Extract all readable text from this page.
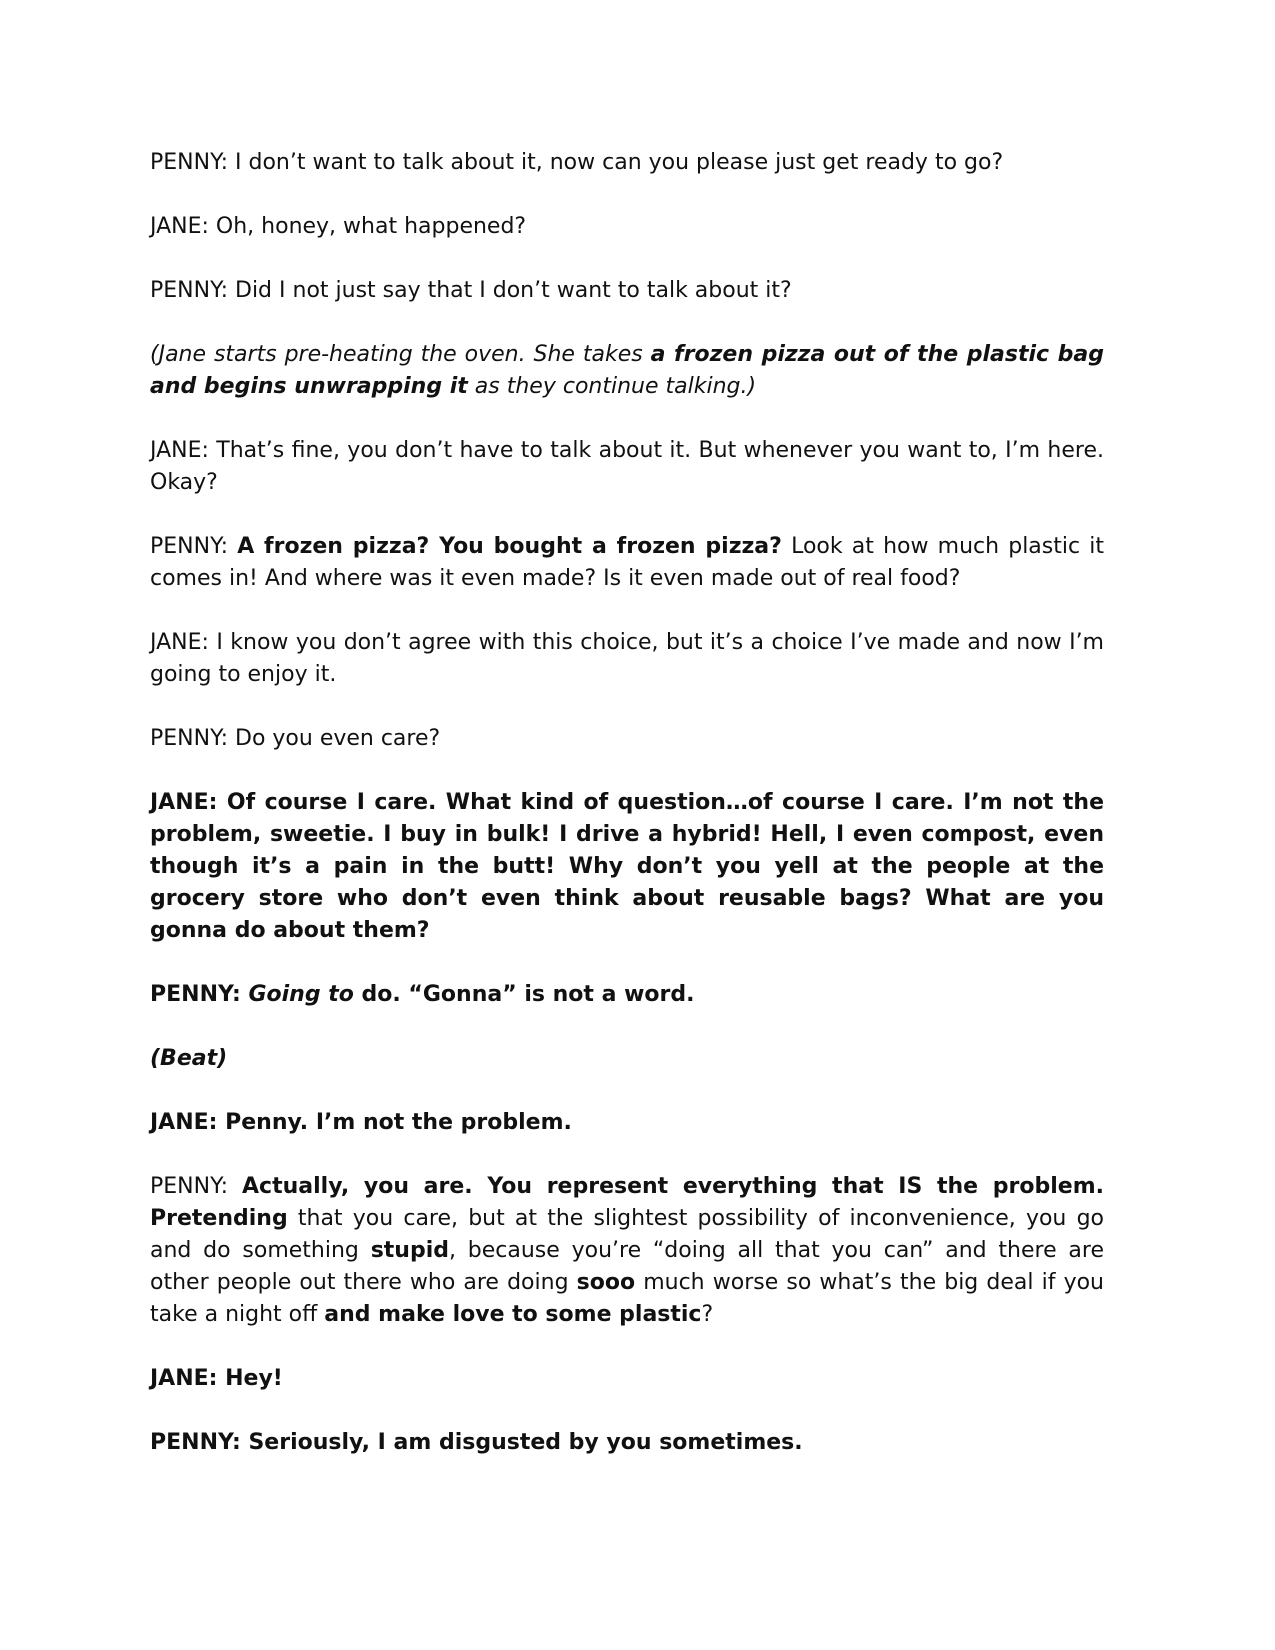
PENNY: I don’t want to talk about it, now can you please just get ready to go?

JANE: Oh, honey, what happened?

PENNY: Did I not just say that I don’t want to talk about it?

(Jane starts pre-heating the oven. She takes a frozen pizza out of the plastic bag and begins unwrapping it as they continue talking.)

JANE: That’s fine, you don’t have to talk about it. But whenever you want to, I’m here. Okay?

PENNY: A frozen pizza? You bought a frozen pizza? Look at how much plastic it comes in! And where was it even made? Is it even made out of real food?

JANE: I know you don’t agree with this choice, but it’s a choice I’ve made and now I’m going to enjoy it.

PENNY: Do you even care?

JANE: Of course I care. What kind of question…of course I care. I’m not the problem, sweetie. I buy in bulk! I drive a hybrid! Hell, I even compost, even though it’s a pain in the butt! Why don’t you yell at the people at the grocery store who don’t even think about reusable bags? What are you gonna do about them?

PENNY: Going to do. “Gonna” is not a word.

(Beat)

JANE: Penny. I’m not the problem.

PENNY: Actually, you are. You represent everything that IS the problem. Pretending that you care, but at the slightest possibility of inconvenience, you go and do something stupid, because you’re “doing all that you can” and there are other people out there who are doing sooo much worse so what’s the big deal if you take a night off and make love to some plastic?

JANE: Hey!

PENNY: Seriously, I am disgusted by you sometimes.
